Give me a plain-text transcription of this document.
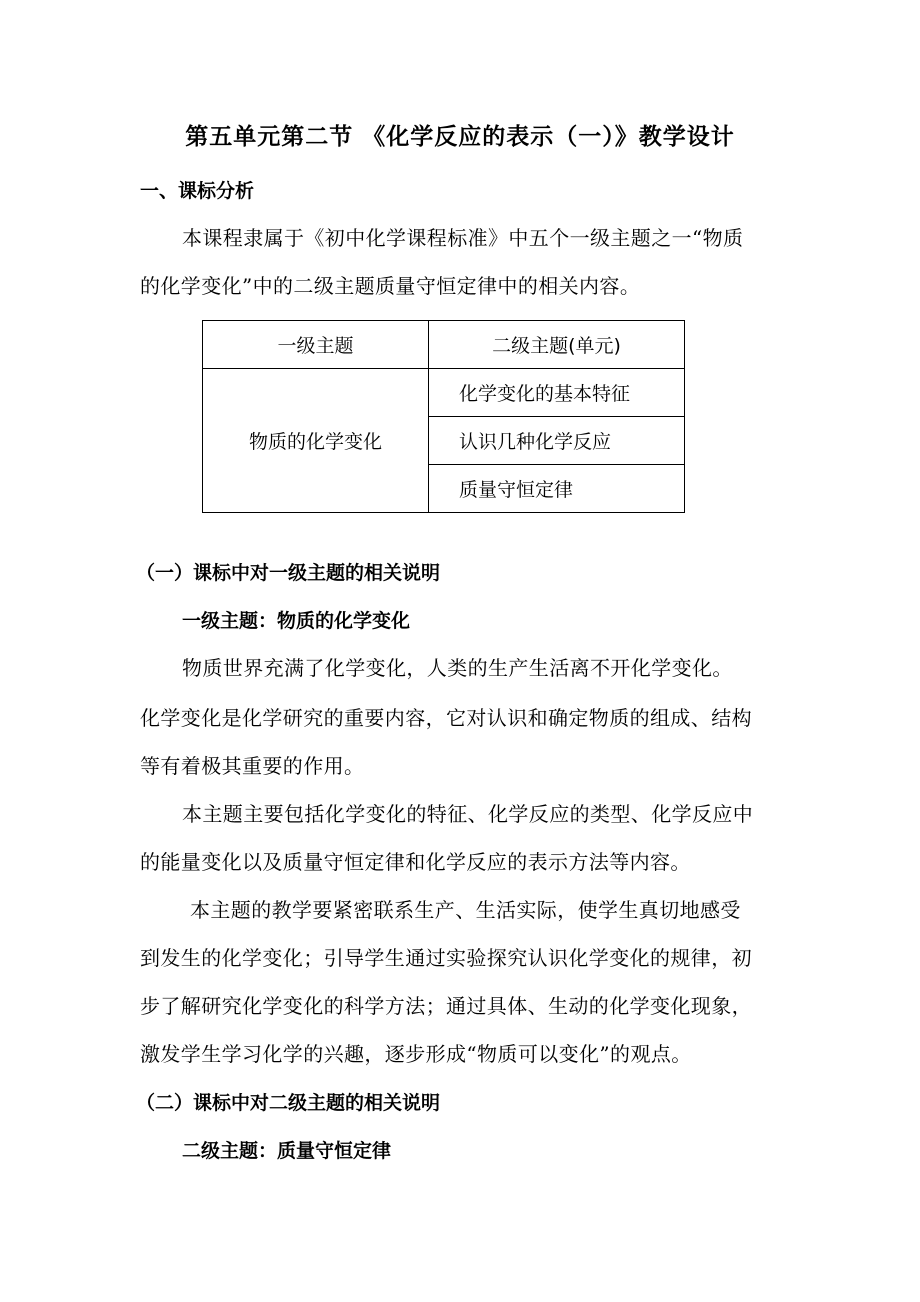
第五单元第二节 《化学反应的表示（一）》教学设计
一、课标分析
本课程隶属于《初中化学课程标准》中五个一级主题之一“物质
的化学变化”中的二级主题质量守恒定律中的相关内容。
一级主题	二级主题(单元)
物质的化学变化	化学变化的基本特征
	认识几种化学反应
	质量守恒定律
（一）课标中对一级主题的相关说明
一级主题：物质的化学变化
物质世界充满了化学变化，人类的生产生活离不开化学变化。
化学变化是化学研究的重要内容，它对认识和确定物质的组成、结构
等有着极其重要的作用。
本主题主要包括化学变化的特征、化学反应的类型、化学反应中
的能量变化以及质量守恒定律和化学反应的表示方法等内容。
本主题的教学要紧密联系生产、生活实际，使学生真切地感受
到发生的化学变化；引导学生通过实验探究认识化学变化的规律，初
步了解研究化学变化的科学方法；通过具体、生动的化学变化现象，
激发学生学习化学的兴趣，逐步形成“物质可以变化”的观点。
（二）课标中对二级主题的相关说明
二级主题：质量守恒定律
